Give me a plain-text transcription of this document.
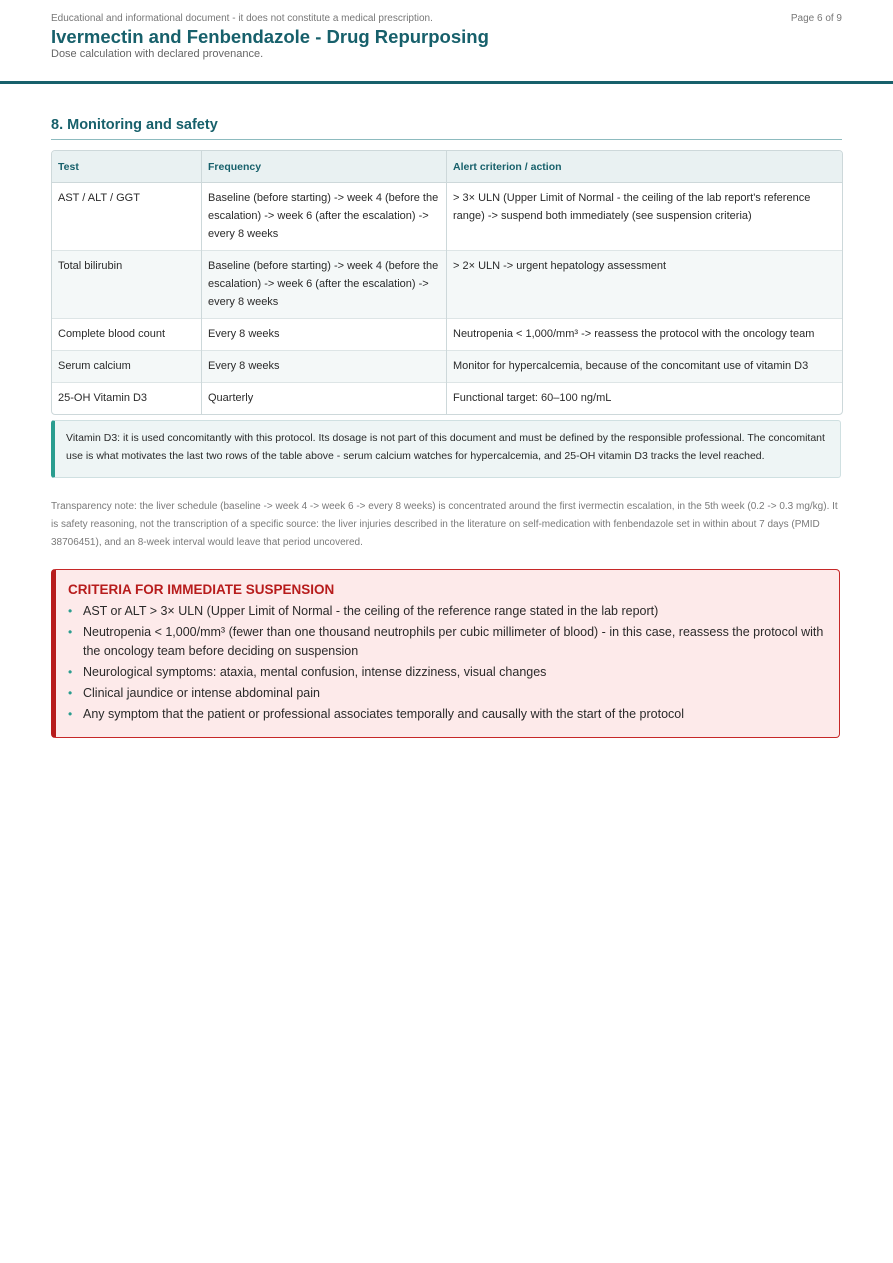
Educational and informational document - it does not constitute a medical prescription.	Page 6 of 9
Ivermectin and Fenbendazole - Drug Repurposing
Dose calculation with declared provenance.
8. Monitoring and safety
Test	Frequency	Alert criterion / action
AST / ALT / GGT	Baseline (before starting) -> week 4 (before the escalation) -> week 6 (after the escalation) -> every 8 weeks	> 3× ULN (Upper Limit of Normal - the ceiling of the lab report's reference range) -> suspend both immediately (see suspension criteria)
Total bilirubin	Baseline (before starting) -> week 4 (before the escalation) -> week 6 (after the escalation) -> every 8 weeks	> 2× ULN -> urgent hepatology assessment
Complete blood count	Every 8 weeks	Neutropenia < 1,000/mm³ -> reassess the protocol with the oncology team
Serum calcium	Every 8 weeks	Monitor for hypercalcemia, because of the concomitant use of vitamin D3
25-OH Vitamin D3	Quarterly	Functional target: 60–100 ng/mL
Vitamin D3: it is used concomitantly with this protocol. Its dosage is not part of this document and must be defined by the responsible professional. The concomitant use is what motivates the last two rows of the table above - serum calcium watches for hypercalcemia, and 25-OH vitamin D3 tracks the level reached.
Transparency note: the liver schedule (baseline -> week 4 -> week 6 -> every 8 weeks) is concentrated around the first ivermectin escalation, in the 5th week (0.2 -> 0.3 mg/kg). It is safety reasoning, not the transcription of a specific source: the liver injuries described in the literature on self-medication with fenbendazole set in within about 7 days (PMID 38706451), and an 8-week interval would leave that period uncovered.
CRITERIA FOR IMMEDIATE SUSPENSION
• AST or ALT > 3× ULN (Upper Limit of Normal - the ceiling of the reference range stated in the lab report)
• Neutropenia < 1,000/mm³ (fewer than one thousand neutrophils per cubic millimeter of blood) - in this case, reassess the protocol with the oncology team before deciding on suspension
• Neurological symptoms: ataxia, mental confusion, intense dizziness, visual changes
• Clinical jaundice or intense abdominal pain
• Any symptom that the patient or professional associates temporally and causally with the start of the protocol
